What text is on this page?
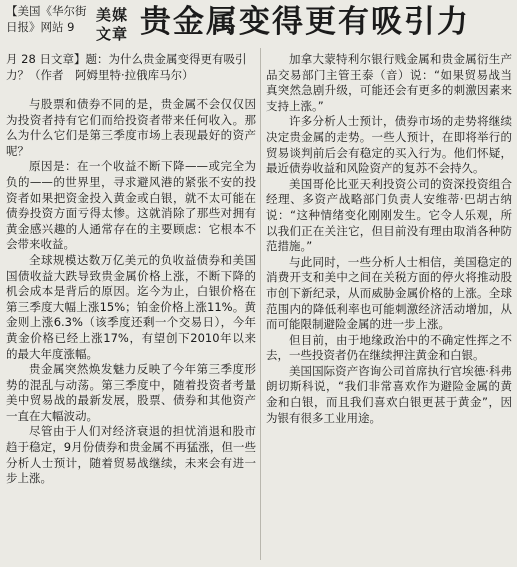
贵金属变得更有吸引力
美媒文章
【美国《华尔街日报》网站 9
月 28 日文章】题：为什么贵金属变得更有吸引力？（作者　阿姆里特·拉俄库马尔）

与股票和债券不同的是，贵金属不会仅仅因为投资者持有它们而给投资者带来任何收入。那么为什么它们是第三季度市场上表现最好的资产呢？

原因是：在一个收益不断下降——或完全为负的——的世界里，寻求避风港的紧张不安的投资者如果把资金投入黄金或白银，就不太可能在债券投资方面亏得太惨。这就消除了那些对拥有黄金感兴趣的人通常存在的主要顾虑：它根本不会带来收益。

全球规模达数万亿美元的负收益债券和美国国债收益大跌导致贵金属价格上涨，不断下降的机会成本是背后的原因。迄今为止，白银价格在第三季度大幅上涨15%；铂金价格上涨11%。黄金则上涨6.3%（该季度还剩一个交易日），今年黄金价格已经上涨17%，有望创下2010年以来的最大年度涨幅。

贵金属突然焕发魅力反映了今年第三季度形势的混乱与动荡。第三季度中，随着投资者考量美中贸易战的最新发展，股票、债券和其他资产一直在大幅波动。

尽管由于人们对经济衰退的担忧消退和股市趋于稳定，9月份债券和贵金属不再猛涨，但一些分析人士预计，随着贸易战继续，未来会有进一步上涨。

加拿大蒙特利尔银行贱金属和贵金属衍生产品交易部门主管王泰（音）说：“如果贸易战当真突然急剧升级，可能还会有更多的刺激因素来支持上涨。”

许多分析人士预计，债券市场的走势将继续决定贵金属的走势。一些人预计，在即将举行的贸易谈判前后会有稳定的买入行为。他们怀疑，最近债券收益和风险资产的复苏不会持久。

美国哥伦比亚天利投资公司的资深投资组合经理、多资产战略部门负责人安维蒂·巴胡古纳说：“这种情绪变化刚刚发生。它令人乐观，所以我们正在关注它，但目前没有理由取消各种防范措施。”

与此同时，一些分析人士相信，美国稳定的消费开支和美中之间在关税方面的停火将推动股市创下新纪录，从而威胁金属价格的上涨。全球范围内的降低利率也可能刺激经济活动增加，从而可能限制避险金属的进一步上涨。

但目前，由于地缘政治中的不确定性挥之不去，一些投资者仍在继续押注黄金和白银。

美国国际资产咨询公司首席执行官埃德·科弗朗切斯科说，“我们非常喜欢作为避险金属的黄金和白银，而且我们喜欢白银更甚于黄金”，因为银有很多工业用途。
